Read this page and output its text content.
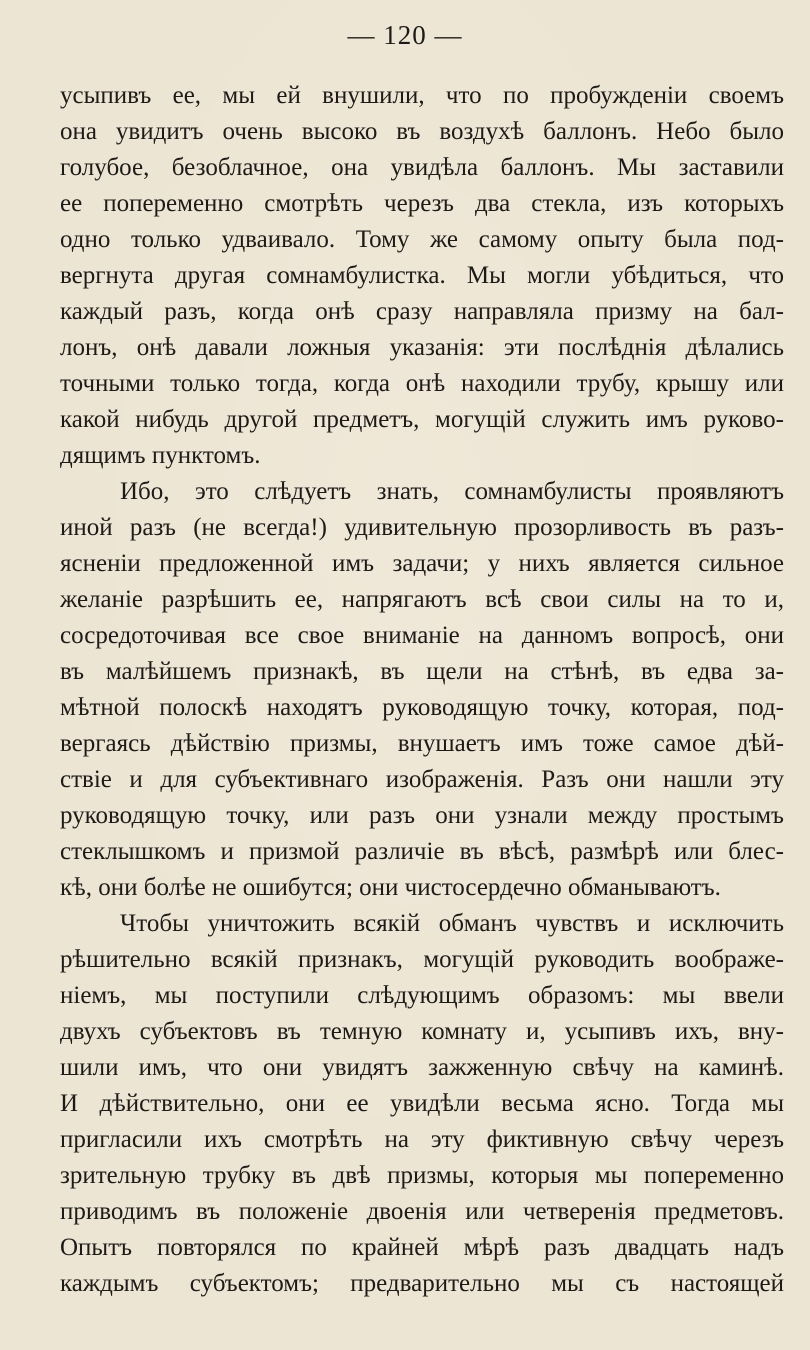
— 120 —
усыпивъ ее, мы ей внушили, что по пробужденіи своемъ
она увидитъ очень высоко въ воздухѣ баллонъ. Небо было
голубое, безоблачное, она увидѣла баллонъ. Мы заставили
ее попеременно смотрѣть черезъ два стекла, изъ которыхъ
одно только удваивало. Тому же самому опыту была под-
вергнута другая сомнамбулистка. Мы могли убѣдиться, что
каждый разъ, когда онѣ сразу направляла призму на бал-
лонъ, онѣ давали ложныя указанія: эти послѣднія дѣлались
точными только тогда, когда онѣ находили трубу, крышу или
какой нибудь другой предметъ, могущій служить имъ руково-
дящимъ пунктомъ.
Ибо, это слѣдуетъ знать, сомнамбулисты проявляютъ
иной разъ (не всегда!) удивительную прозорливость въ разъ-
ясненіи предложенной имъ задачи; у нихъ является сильное
желаніе разрѣшить ее, напрягаютъ всѣ свои силы на то и,
сосредоточивая все свое вниманіе на данномъ вопросѣ, они
въ малѣйшемъ признакѣ, въ щели на стѣнѣ, въ едва за-
мѣтной полоскѣ находятъ руководящую точку, которая, под-
вергаясь дѣйствію призмы, внушаетъ имъ тоже самое дѣй-
ствіе и для субъективнаго изображенія. Разъ они нашли эту
руководящую точку, или разъ они узнали между простымъ
стеклышкомъ и призмой различіе въ вѣсѣ, размѣрѣ или блес-
кѣ, они болѣе не ошибутся; они чистосердечно обманываютъ.
Чтобы уничтожить всякій обманъ чувствъ и исключить
рѣшительно всякій признакъ, могущій руководить воображе-
ніемъ, мы поступили слѣдующимъ образомъ: мы ввели
двухъ субъектовъ въ темную комнату и, усыпивъ ихъ, вну-
шили имъ, что они увидятъ зажженную свѣчу на каминѣ.
И дѣйствительно, они ее увидѣли весьма ясно. Тогда мы
пригласили ихъ смотрѣть на эту фиктивную свѣчу черезъ
зрительную трубку въ двѣ призмы, которыя мы попеременно
приводимъ въ положеніе двоенія или четверенія предметовъ.
Опытъ повторялся по крайней мѣрѣ разъ двадцать надъ
каждымъ субъектомъ; предварительно мы съ настоящей
